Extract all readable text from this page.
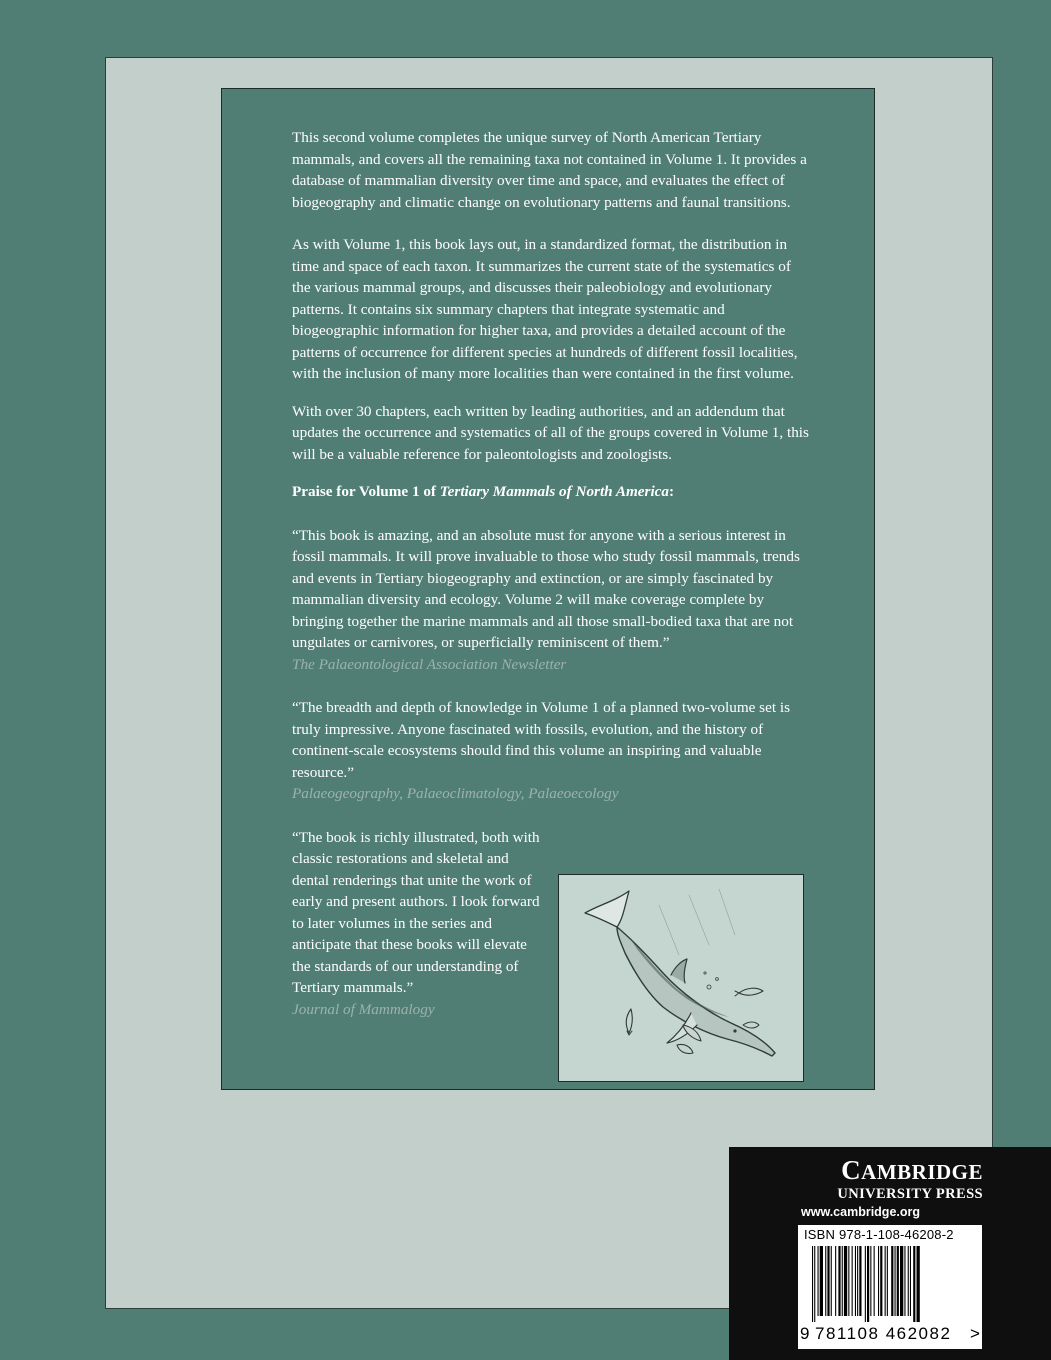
This second volume completes the unique survey of North American Tertiary mammals, and covers all the remaining taxa not contained in Volume 1. It provides a database of mammalian diversity over time and space, and evaluates the effect of biogeography and climatic change on evolutionary patterns and faunal transitions.

As with Volume 1, this book lays out, in a standardized format, the distribution in time and space of each taxon. It summarizes the current state of the systematics of the various mammal groups, and discusses their paleobiology and evolutionary patterns. It contains six summary chapters that integrate systematic and biogeographic information for higher taxa, and provides a detailed account of the patterns of occurrence for different species at hundreds of different fossil localities, with the inclusion of many more localities than were contained in the first volume.

With over 30 chapters, each written by leading authorities, and an addendum that updates the occurrence and systematics of all of the groups covered in Volume 1, this will be a valuable reference for paleontologists and zoologists.

Praise for Volume 1 of Tertiary Mammals of North America:

“This book is amazing, and an absolute must for anyone with a serious interest in fossil mammals. It will prove invaluable to those who study fossil mammals, trends and events in Tertiary biogeography and extinction, or are simply fascinated by mammalian diversity and ecology. Volume 2 will make coverage complete by bringing together the marine mammals and all those small-bodied taxa that are not ungulates or carnivores, or superficially reminiscent of them.”

The Palaeontological Association Newsletter

“The breadth and depth of knowledge in Volume 1 of a planned two-volume set is truly impressive. Anyone fascinated with fossils, evolution, and the history of continent-scale ecosystems should find this volume an inspiring and valuable resource.”

Palaeogeography, Palaeoclimatology, Palaeoecology

“The book is richly illustrated, both with classic restorations and skeletal and dental renderings that unite the work of early and present authors. I look forward to later volumes in the series and anticipate that these books will elevate the standards of our understanding of Tertiary mammals.”

Journal of Mammalogy

CAMBRIDGE
UNIVERSITY PRESS
www.cambridge.org
ISBN 978-1-108-46208-2
9 781108 462082 >
